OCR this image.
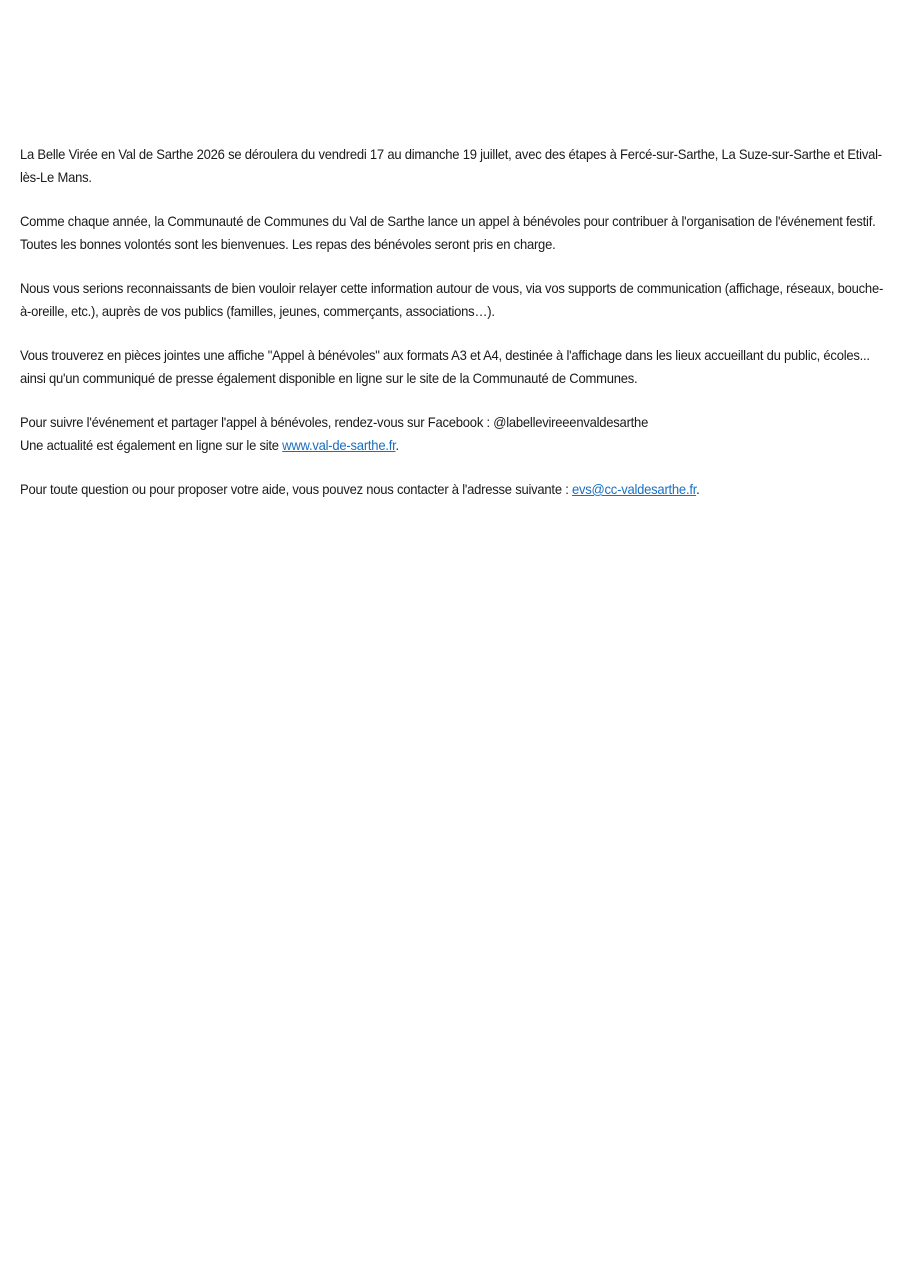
La Belle Virée en Val de Sarthe 2026 se déroulera du vendredi 17 au dimanche 19 juillet, avec des étapes à Fercé-sur-Sarthe, La Suze-sur-Sarthe et Etival-lès-Le Mans.

Comme chaque année, la Communauté de Communes du Val de Sarthe lance un appel à bénévoles pour contribuer à l'organisation de l'événement festif. Toutes les bonnes volontés sont les bienvenues. Les repas des bénévoles seront pris en charge.

Nous vous serions reconnaissants de bien vouloir relayer cette information autour de vous, via vos supports de communication (affichage, réseaux, bouche-à-oreille, etc.), auprès de vos publics (familles, jeunes, commerçants, associations…).

Vous trouverez en pièces jointes une affiche "Appel à bénévoles" aux formats A3 et A4, destinée à l'affichage dans les lieux accueillant du public, écoles... ainsi qu'un communiqué de presse également disponible en ligne sur le site de la Communauté de Communes.

Pour suivre l'événement et partager l'appel à bénévoles, rendez-vous sur Facebook : @labellevireeenvaldesarthe
Une actualité est également en ligne sur le site www.val-de-sarthe.fr.

Pour toute question ou pour proposer votre aide, vous pouvez nous contacter à l'adresse suivante : evs@cc-valdesarthe.fr.
